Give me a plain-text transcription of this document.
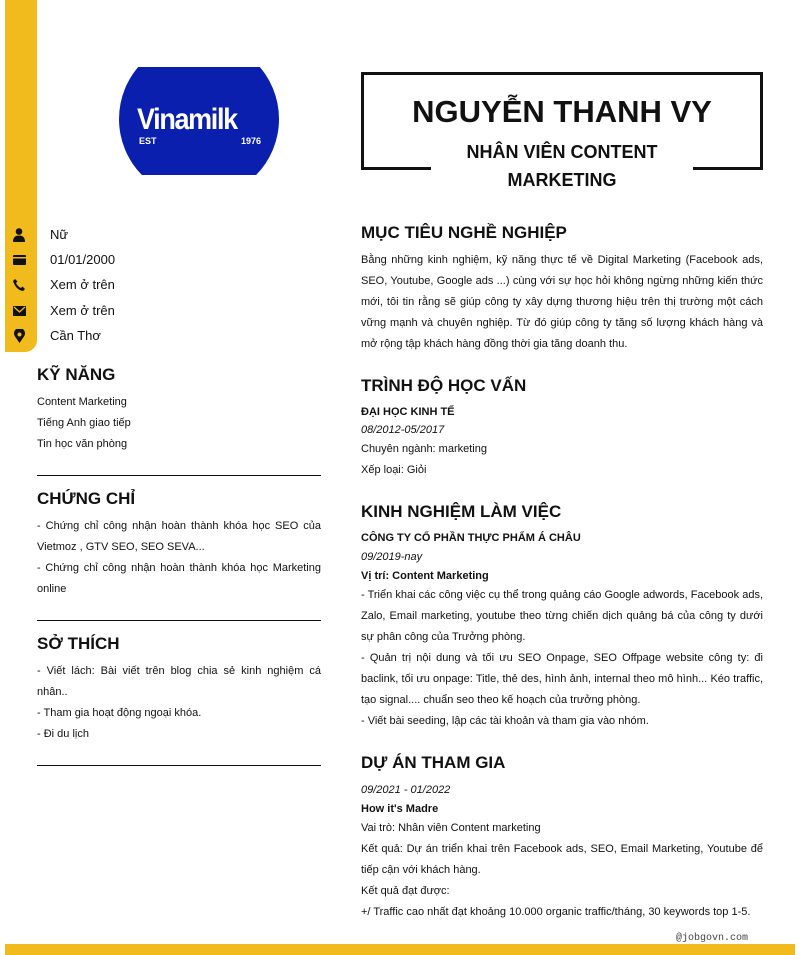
Vinamilk
EST	1976
NGUYỄN THANH VY
NHÂN VIÊN CONTENT MARKETING
Nữ
01/01/2000
Xem ở trên
Xem ở trên
Cần Thơ
KỸ NĂNG
Content Marketing
Tiếng Anh giao tiếp
Tin học văn phòng
CHỨNG CHỈ
- Chứng chỉ công nhận hoàn thành khóa học SEO của Vietmoz , GTV SEO, SEO SEVA...
- Chứng chỉ công nhận hoàn thành khóa học Marketing online
SỞ THÍCH
- Viết lách: Bài viết trên blog chia sẻ kinh nghiệm cá nhân..
- Tham gia hoạt động ngoại khóa.
- Đi du lịch
MỤC TIÊU NGHỀ NGHIỆP
Bằng những kinh nghiệm, kỹ năng thực tế về Digital Marketing (Facebook ads, SEO, Youtube, Google ads ...) cùng với sự học hỏi không ngừng những kiến thức mới, tôi tin rằng sẽ giúp công ty xây dựng thương hiệu trên thị trường một cách vững mạnh và chuyên nghiệp. Từ đó giúp công ty tăng số lượng khách hàng và mở rộng tập khách hàng đồng thời gia tăng doanh thu.
TRÌNH ĐỘ HỌC VẤN
ĐẠI HỌC KINH TẾ
08/2012-05/2017
Chuyên ngành: marketing
Xếp loại: Giỏi
KINH NGHIỆM LÀM VIỆC
CÔNG TY CỔ PHẦN THỰC PHẨM Á CHÂU
09/2019-nay
Vị trí: Content Marketing
- Triển khai các công việc cụ thể trong quảng cáo Google adwords, Facebook ads, Zalo, Email marketing, youtube theo từng chiến dịch quảng bá của công ty dưới sự phân công của Trưởng phòng.
- Quản trị nội dung và tối ưu SEO Onpage, SEO Offpage website công ty: đi baclink, tối ưu onpage: Title, thẻ des, hình ảnh, internal theo mô hình... Kéo traffic, tạo signal.... chuẩn seo theo kế hoạch của trưởng phòng.
- Viết bài seeding, lập các tài khoản và tham gia vào nhóm.
DỰ ÁN THAM GIA
09/2021 - 01/2022
How it's Madre
Vai trò: Nhân viên Content marketing
Kết quả: Dự án triển khai trên Facebook ads, SEO, Email Marketing, Youtube để tiếp cận với khách hàng.
Kết quả đạt được:
+/ Traffic cao nhất đạt khoảng 10.000 organic traffic/tháng, 30 keywords top 1-5.
@jobgovn.com
